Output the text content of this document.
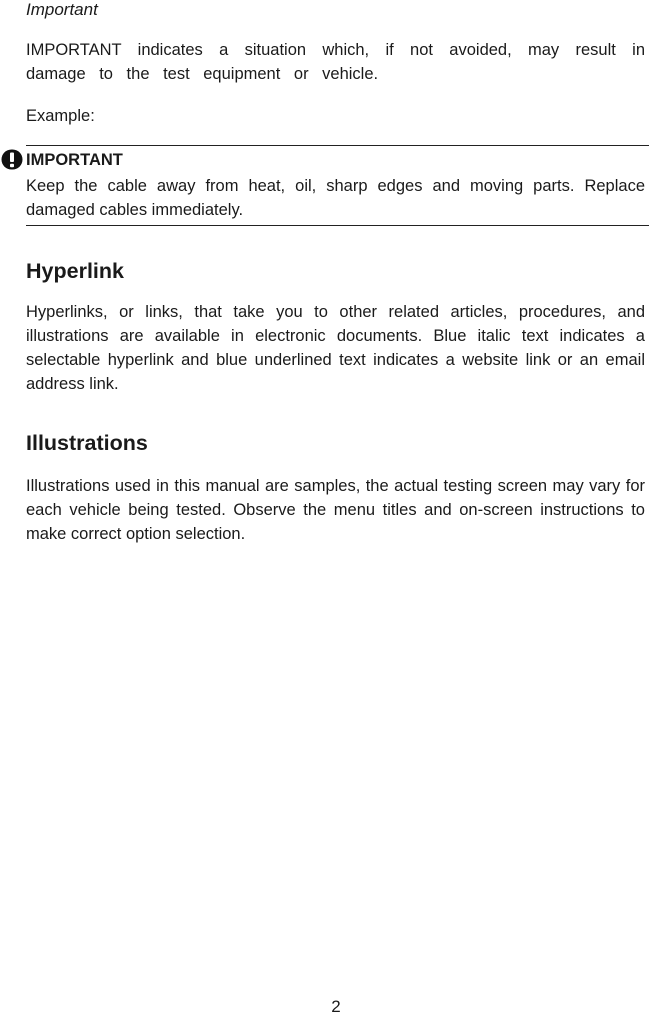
Important

IMPORTANT indicates a situation which, if not avoided, may result in damage to the test equipment or vehicle.

Example:

IMPORTANT

Keep the cable away from heat, oil, sharp edges and moving parts. Replace damaged cables immediately.

Hyperlink

Hyperlinks, or links, that take you to other related articles, procedures, and illustrations are available in electronic documents. Blue italic text indicates a selectable hyperlink and blue underlined text indicates a website link or an email address link.

Illustrations

Illustrations used in this manual are samples, the actual testing screen may vary for each vehicle being tested. Observe the menu titles and on-screen instructions to make correct option selection.

2
